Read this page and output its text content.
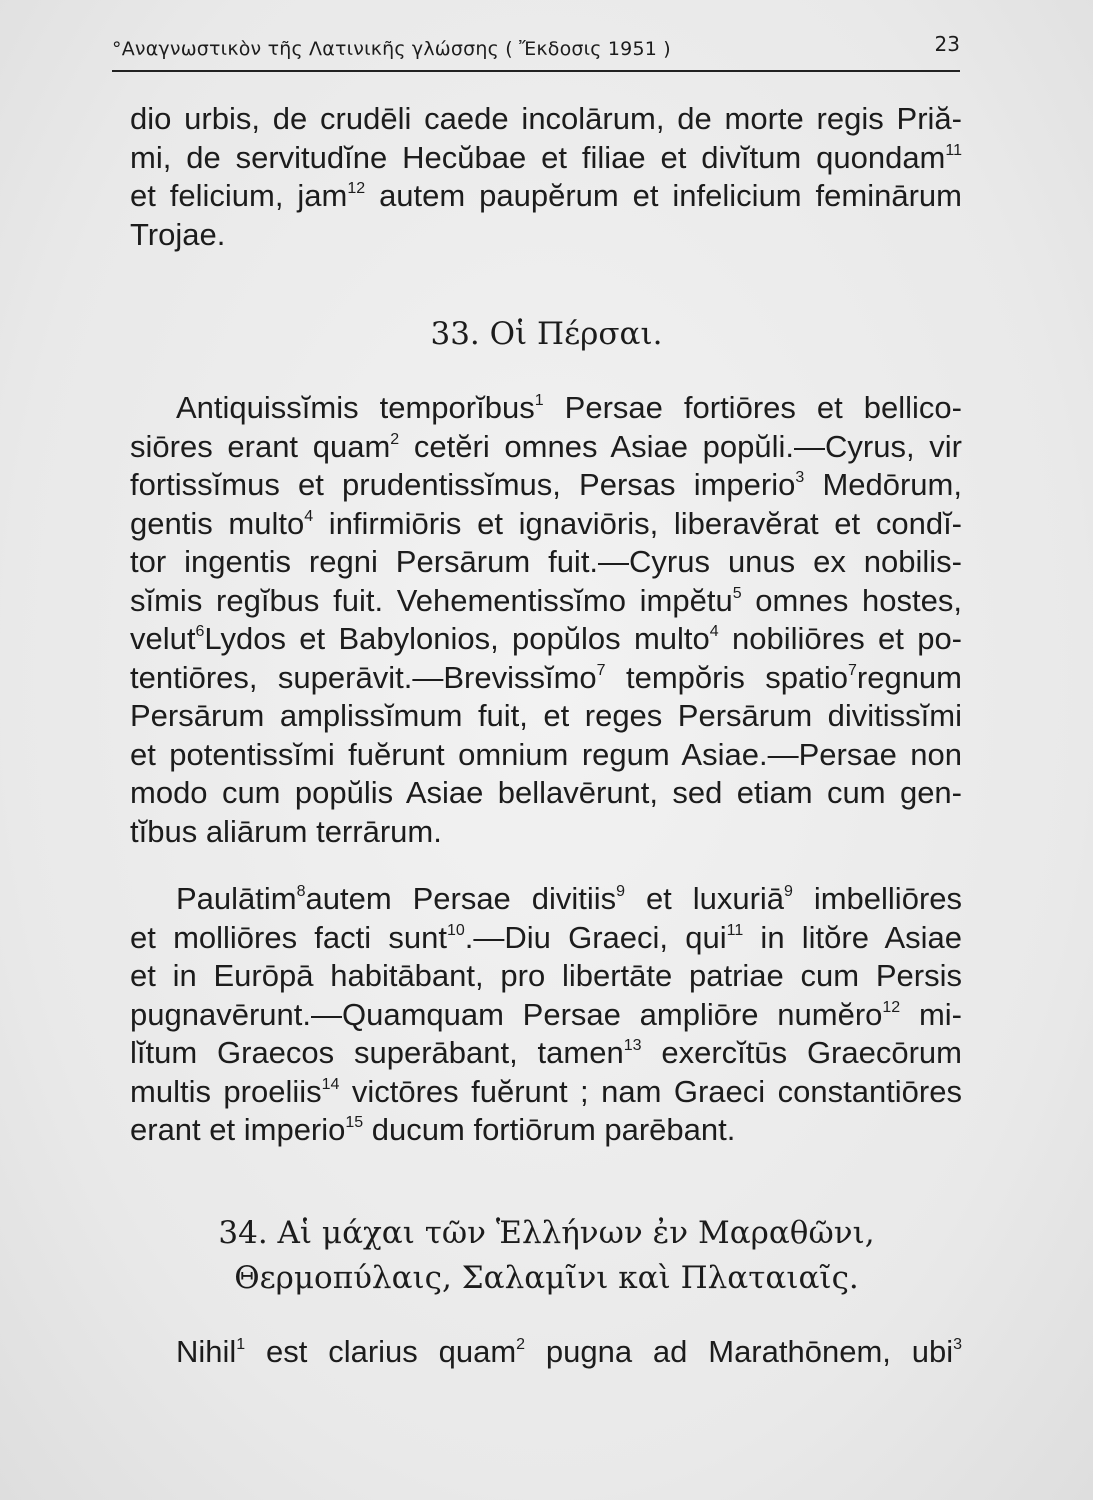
°Αναγνωστικὸν τῆς Λατινικῆς γλώσσης ( Ἔκδοσις 1951 )	23
dio urbis, de crudēli caede incolārum, de morte regis Priă-
mi, de servitudĭne Hecŭbae et filiae et divĭtum quondam$^{11}$
et felicium, jam$^{12}$ autem paupĕrum et infelicium feminārum
Trojae.
33. Οἱ Πέρσαι.
Antiquissĭmis temporĭbus$^1$ Persae fortiōres et bellico-
siōres erant quam$^2$ cetĕri omnes Asiae popŭli.—Cyrus, vir
fortissĭmus et prudentissĭmus, Persas imperio$^3$ Medōrum,
gentis multo$^4$ infirmiōris et ignaviōris, liberavĕrat et condĭ-
tor ingentis regni Persārum fuit.—Cyrus unus ex nobilis-
sĭmis regĭbus fuit. Vehementissĭmo impĕtu$^5$ omnes hostes,
velut$^6$Lydos et Babylonios, popŭlos multo$^4$ nobiliōres et po-
tentiōres, superāvit.—Brevissĭmo$^7$ tempŏris spatio$^7$regnum
Persārum amplissĭmum fuit, et reges Persārum divitissĭmi
et potentissĭmi fuĕrunt omnium regum Asiae.—Persae non
modo cum popŭlis Asiae bellavērunt, sed etiam cum gen-
tĭbus aliārum terrārum.
Paulātim$^8$autem Persae divitiis$^9$ et luxuriā$^9$ imbelliōres
et molliōres facti sunt$^{10}$.—Diu Graeci, qui$^{11}$ in litŏre Asiae
et in Eurōpā habitābant, pro libertāte patriae cum Persis
pugnavērunt.—Quamquam Persae ampliōre numĕro$^{12}$ mi-
lĭtum Graecos superābant, tamen$^{13}$ exercĭtūs Graecōrum
multis proeliis$^{14}$ victōres fuĕrunt ; nam Graeci constantiōres
erant et imperio$^{15}$ ducum fortiōrum parēbant.
34. Αἱ μάχαι τῶν Ἑλλήνων ἐν Μαραθῶνι,
Θερμοπύλαις, Σαλαμῖνι καὶ Πλαταιαῖς.
Nihil$^1$ est clarius quam$^2$ pugna ad Marathōnem, ubi$^3$
